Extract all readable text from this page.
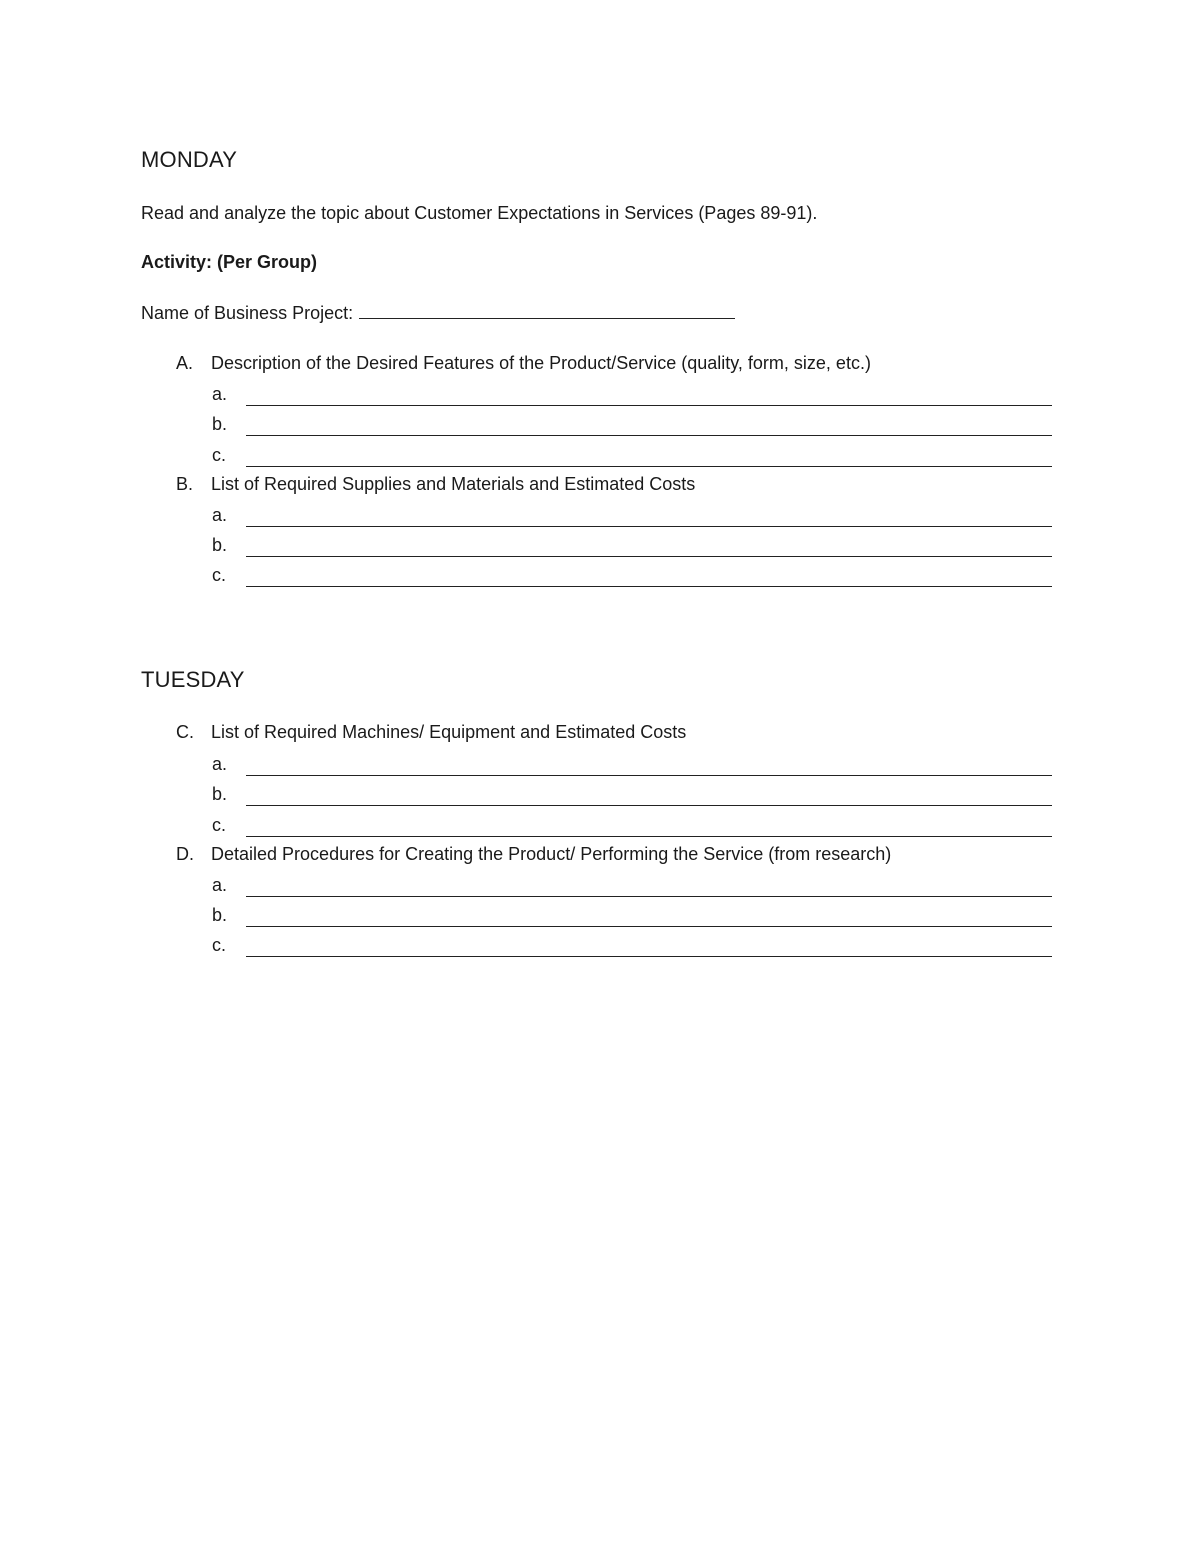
MONDAY
Read and analyze the topic about Customer Expectations in Services (Pages 89-91).
Activity: (Per Group)
Name of Business Project:
A. Description of the Desired Features of the Product/Service (quality, form, size, etc.)
a.
b.
c.
B. List of Required Supplies and Materials and Estimated Costs
a.
b.
c.
TUESDAY
C. List of Required Machines/ Equipment and Estimated Costs
a.
b.
c.
D. Detailed Procedures for Creating the Product/ Performing the Service (from research)
a.
b.
c.
